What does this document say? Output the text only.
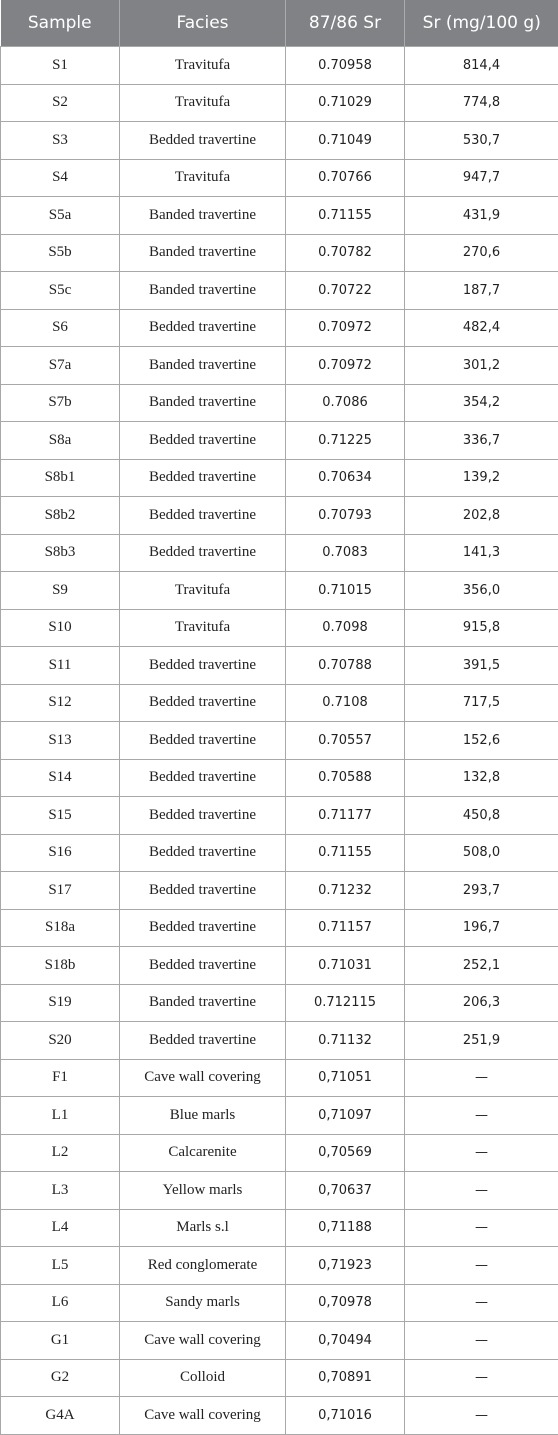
Sample	Facies	87/86 Sr	Sr (mg/100 g)
S1	Travitufa	0.70958	814,4
S2	Travitufa	0.71029	774,8
S3	Bedded travertine	0.71049	530,7
S4	Travitufa	0.70766	947,7
S5a	Banded travertine	0.71155	431,9
S5b	Banded travertine	0.70782	270,6
S5c	Banded travertine	0.70722	187,7
S6	Bedded travertine	0.70972	482,4
S7a	Banded travertine	0.70972	301,2
S7b	Banded travertine	0.7086	354,2
S8a	Bedded travertine	0.71225	336,7
S8b1	Bedded travertine	0.70634	139,2
S8b2	Bedded travertine	0.70793	202,8
S8b3	Bedded travertine	0.7083	141,3
S9	Travitufa	0.71015	356,0
S10	Travitufa	0.7098	915,8
S11	Bedded travertine	0.70788	391,5
S12	Bedded travertine	0.7108	717,5
S13	Bedded travertine	0.70557	152,6
S14	Bedded travertine	0.70588	132,8
S15	Bedded travertine	0.71177	450,8
S16	Bedded travertine	0.71155	508,0
S17	Bedded travertine	0.71232	293,7
S18a	Bedded travertine	0.71157	196,7
S18b	Bedded travertine	0.71031	252,1
S19	Banded travertine	0.712115	206,3
S20	Bedded travertine	0.71132	251,9
F1	Cave wall covering	0,71051	—
L1	Blue marls	0,71097	—
L2	Calcarenite	0,70569	—
L3	Yellow marls	0,70637	—
L4	Marls s.l	0,71188	—
L5	Red conglomerate	0,71923	—
L6	Sandy marls	0,70978	—
G1	Cave wall covering	0,70494	—
G2	Colloid	0,70891	—
G4A	Cave wall covering	0,71016	—
